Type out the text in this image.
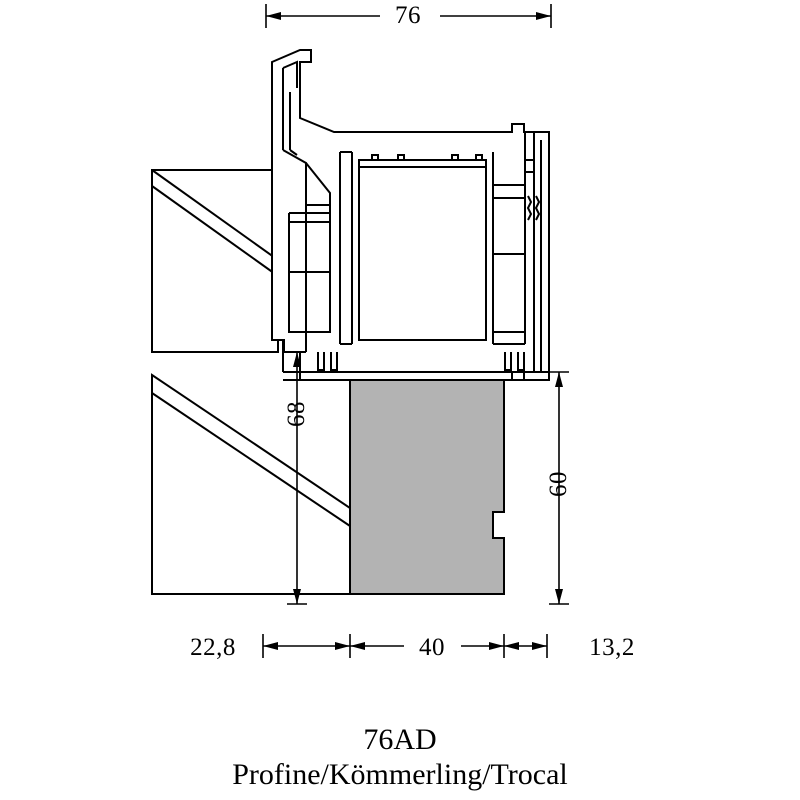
76
68
60
22,8	40	13,2
76AD
Profine/Kömmerling/Trocal
